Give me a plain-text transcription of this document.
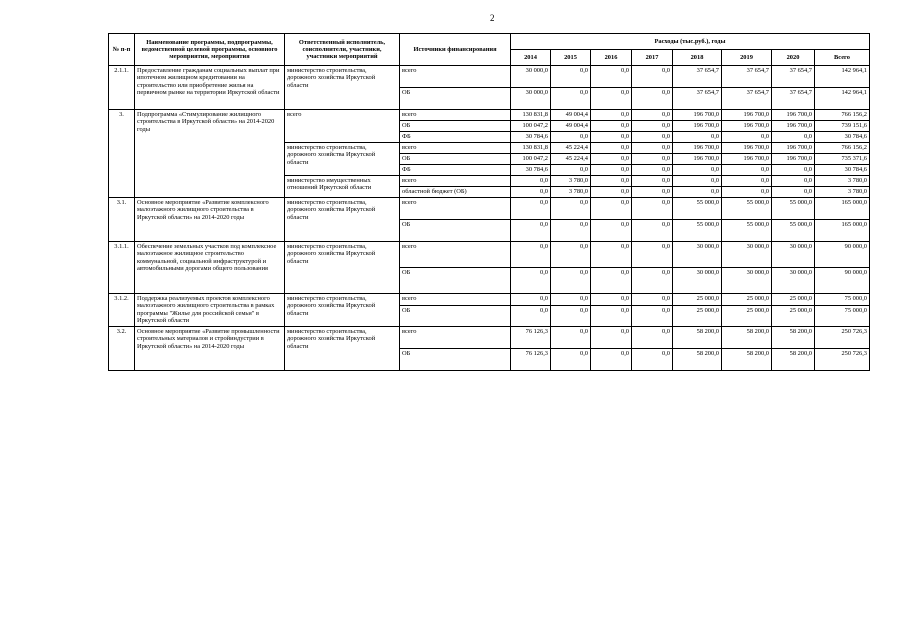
2
№ п-п	Наименование программы, подпрограммы, ведомственной целевой программы, основного мероприятия, мероприятия	Ответственный исполнитель, соисполнители, участники, участники мероприятий	Источники финансирования	Расходы (тыс.руб.), годы							
				2014	2015	2016	2017	2018	2019	2020	Всего
2.1.1.	Предоставление гражданам социальных выплат при ипотечном жилищном кредитовании на строительство или приобретение жилья на первичном рынке на территории Иркутской области	министерство строительства, дорожного хозяйства Иркутской области	всего	30 000,0	0,0	0,0	0,0	37 654,7	37 654,7	37 654,7	142 964,1
			ОБ	30 000,0	0,0	0,0	0,0	37 654,7	37 654,7	37 654,7	142 964,1
3.	Подпрограмма «Стимулирование жилищного строительства в Иркутской области» на 2014-2020 годы	всего	всего	130 831,8	49 004,4	0,0	0,0	196 700,0	196 700,0	196 700,0	766 156,2
			ОБ	100 047,2	49 004,4	0,0	0,0	196 700,0	196 700,0	196 700,0	739 151,6
			ФБ	30 784,6	0,0	0,0	0,0	0,0	0,0	0,0	30 784,6
		министерство строительства, дорожного хозяйства Иркутской области	всего	130 831,8	45 224,4	0,0	0,0	196 700,0	196 700,0	196 700,0	766 156,2
			ОБ	100 047,2	45 224,4	0,0	0,0	196 700,0	196 700,0	196 700,0	735 371,6
			ФБ	30 784,6	0,0	0,0	0,0	0,0	0,0	0,0	30 784,6
		министерство имущественных отношений Иркутской области	всего	0,0	3 780,0	0,0	0,0	0,0	0,0	0,0	3 780,0
			областной бюджет (ОБ)	0,0	3 780,0	0,0	0,0	0,0	0,0	0,0	3 780,0
3.1.	Основное мероприятие «Развитие комплексного малоэтажного жилищного строительства в Иркутской области» на 2014-2020 годы	министерство строительства, дорожного хозяйства Иркутской области	всего	0,0	0,0	0,0	0,0	55 000,0	55 000,0	55 000,0	165 000,0
			ОБ	0,0	0,0	0,0	0,0	55 000,0	55 000,0	55 000,0	165 000,0
3.1.1.	Обеспечение земельных участков под комплексное малоэтажное жилищное строительство коммунальной, социальной инфраструктурой и автомобильными дорогами общего пользования	министерство строительства, дорожного хозяйства Иркутской области	всего	0,0	0,0	0,0	0,0	30 000,0	30 000,0	30 000,0	90 000,0
			ОБ	0,0	0,0	0,0	0,0	30 000,0	30 000,0	30 000,0	90 000,0
3.1.2.	Поддержка реализуемых проектов комплексного малоэтажного жилищного строительства в рамках программы "Жилье для российской семьи" в Иркутской области	министерство строительства, дорожного хозяйства Иркутской области	всего	0,0	0,0	0,0	0,0	25 000,0	25 000,0	25 000,0	75 000,0
			ОБ	0,0	0,0	0,0	0,0	25 000,0	25 000,0	25 000,0	75 000,0
3.2.	Основное мероприятие «Развитие промышленности строительных материалов и стройиндустрии в Иркутской области» на 2014-2020 годы	министерство строительства, дорожного хозяйства Иркутской области	всего	76 126,3	0,0	0,0	0,0	58 200,0	58 200,0	58 200,0	250 726,3
			ОБ	76 126,3	0,0	0,0	0,0	58 200,0	58 200,0	58 200,0	250 726,3
